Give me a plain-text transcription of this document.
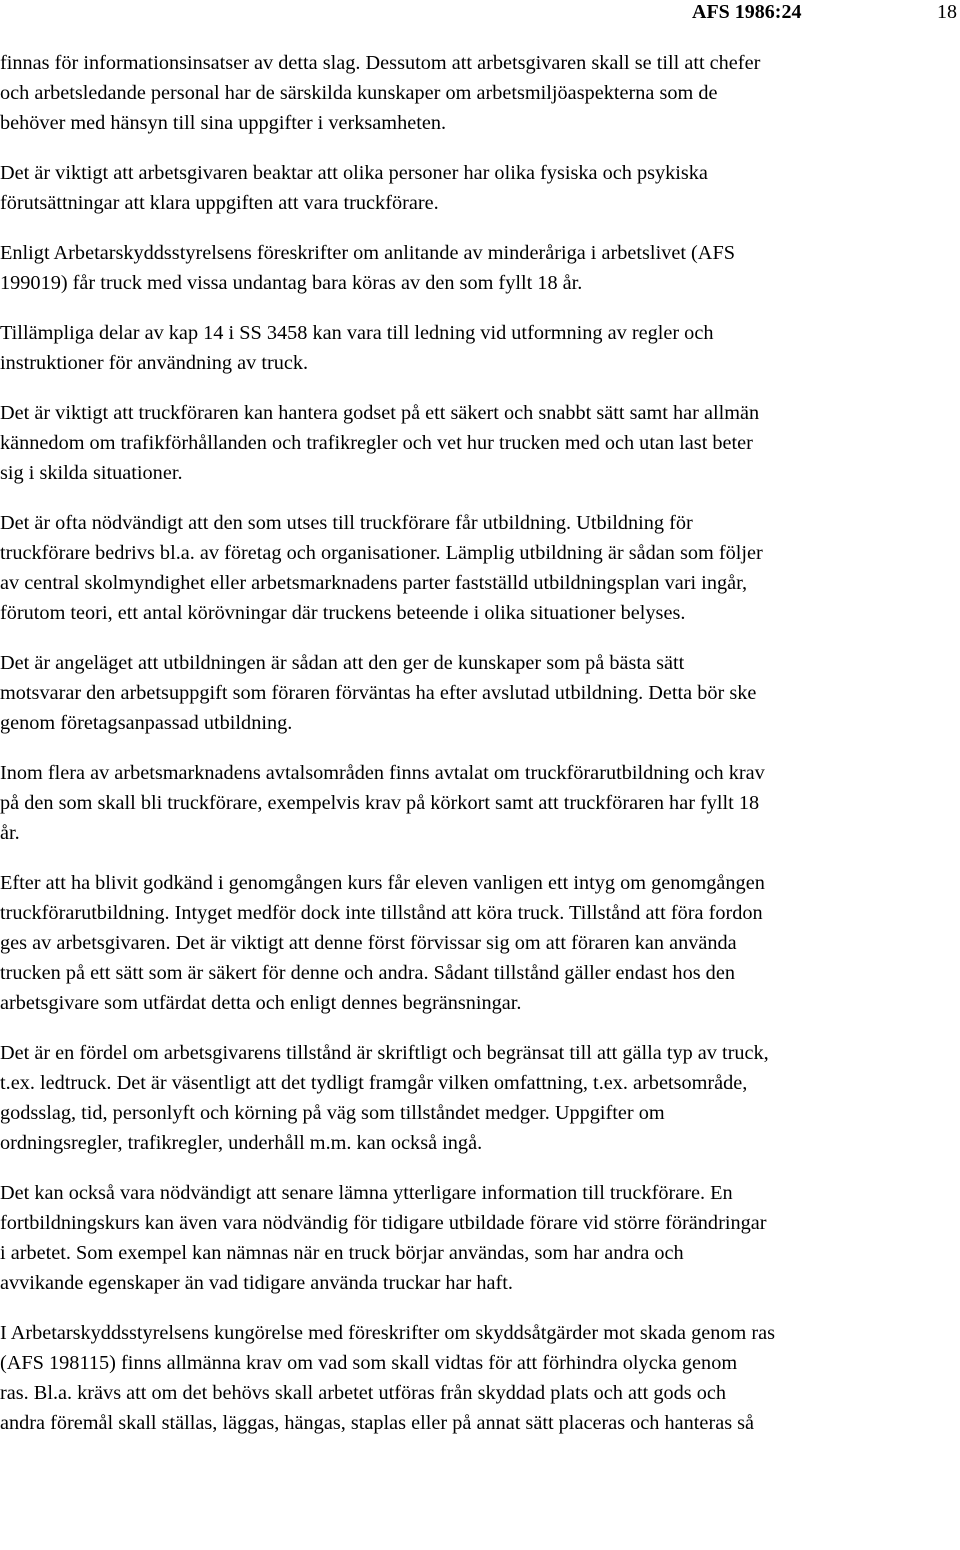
AFS 1986:24	18

finnas för informationsinsatser av detta slag. Dessutom att arbetsgivaren skall se till att chefer
och arbetsledande personal har de särskilda kunskaper om arbetsmiljöaspekterna som de
behöver med hänsyn till sina uppgifter i verksamheten.

Det är viktigt att arbetsgivaren beaktar att olika personer har olika fysiska och psykiska
förutsättningar att klara uppgiften att vara truckförare.

Enligt Arbetarskyddsstyrelsens föreskrifter om anlitande av minderåriga i arbetslivet (AFS
199019) får truck med vissa undantag bara köras av den som fyllt 18 år.

Tillämpliga delar av kap 14 i SS 3458 kan vara till ledning vid utformning av regler och
instruktioner för användning av truck.

Det är viktigt att truckföraren kan hantera godset på ett säkert och snabbt sätt samt har allmän
kännedom om trafikförhållanden och trafikregler och vet hur trucken med och utan last beter
sig i skilda situationer.

Det är ofta nödvändigt att den som utses till truckförare får utbildning. Utbildning för
truckförare bedrivs bl.a. av företag och organisationer. Lämplig utbildning är sådan som följer
av central skolmyndighet eller arbetsmarknadens parter fastställd utbildningsplan vari ingår,
förutom teori, ett antal körövningar där truckens beteende i olika situationer belyses.

Det är angeläget att utbildningen är sådan att den ger de kunskaper som på bästa sätt
motsvarar den arbetsuppgift som föraren förväntas ha efter avslutad utbildning. Detta bör ske
genom företagsanpassad utbildning.

Inom flera av arbetsmarknadens avtalsområden finns avtalat om truckförarutbildning och krav
på den som skall bli truckförare, exempelvis krav på körkort samt att truckföraren har fyllt 18
år.

Efter att ha blivit godkänd i genomgången kurs får eleven vanligen ett intyg om genomgången
truckförarutbildning. Intyget medför dock inte tillstånd att köra truck. Tillstånd att föra fordon
ges av arbetsgivaren. Det är viktigt att denne först förvissar sig om att föraren kan använda
trucken på ett sätt som är säkert för denne och andra. Sådant tillstånd gäller endast hos den
arbetsgivare som utfärdat detta och enligt dennes begränsningar.

Det är en fördel om arbetsgivarens tillstånd är skriftligt och begränsat till att gälla typ av truck,
t.ex. ledtruck. Det är väsentligt att det tydligt framgår vilken omfattning, t.ex. arbetsområde,
godsslag, tid, personlyft och körning på väg som tillståndet medger. Uppgifter om
ordningsregler, trafikregler, underhåll m.m. kan också ingå.

Det kan också vara nödvändigt att senare lämna ytterligare information till truckförare. En
fortbildningskurs kan även vara nödvändig för tidigare utbildade förare vid större förändringar
i arbetet. Som exempel kan nämnas när en truck börjar användas, som har andra och
avvikande egenskaper än vad tidigare använda truckar har haft.

I Arbetarskyddsstyrelsens kungörelse med föreskrifter om skyddsåtgärder mot skada genom ras
(AFS 198115) finns allmänna krav om vad som skall vidtas för att förhindra olycka genom
ras. Bl.a. krävs att om det behövs skall arbetet utföras från skyddad plats och att gods och
andra föremål skall ställas, läggas, hängas, staplas eller på annat sätt placeras och hanteras så
